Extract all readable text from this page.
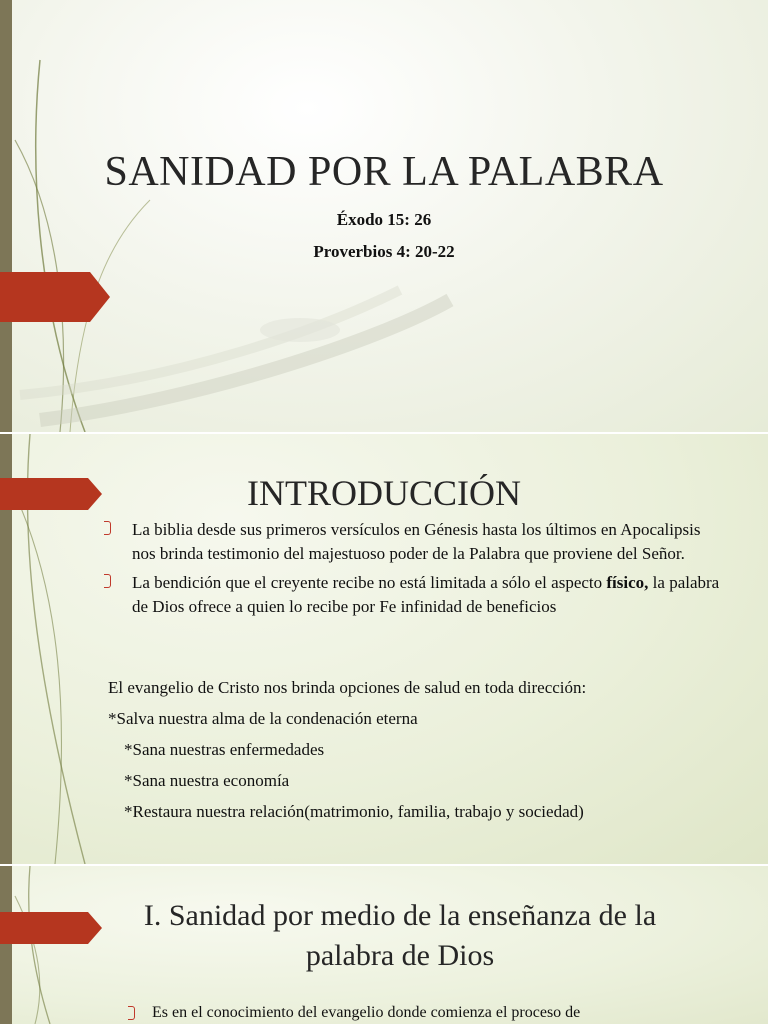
SANIDAD POR LA PALABRA
Éxodo 15: 26
Proverbios 4: 20-22
INTRODUCCIÓN
La biblia desde sus primeros versículos en Génesis hasta los últimos en Apocalipsis nos brinda testimonio del majestuoso poder de la Palabra que proviene del Señor.
La bendición que el creyente recibe no está limitada a sólo el aspecto físico, la palabra de Dios ofrece a quien lo recibe por Fe infinidad de beneficios
El evangelio de Cristo nos brinda opciones de salud en toda dirección:
*Salva nuestra alma de la condenación eterna
*Sana nuestras enfermedades
*Sana nuestra economía
*Restaura nuestra relación(matrimonio, familia, trabajo y sociedad)
I. Sanidad por medio de la enseñanza de la palabra de Dios
Es en el conocimiento del evangelio donde comienza el proceso de
